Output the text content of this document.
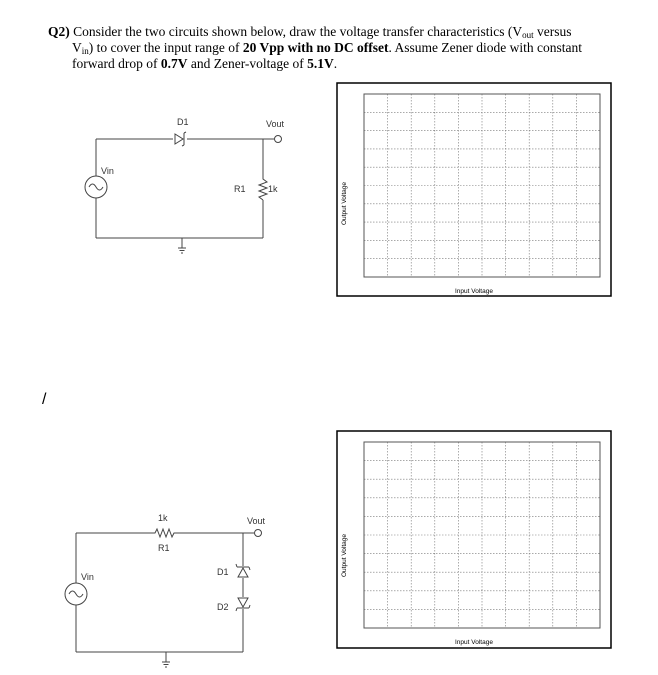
Q2) Consider the two circuits shown below, draw the voltage transfer characteristics ($V_{out}$ versus
$V_{in}$) to cover the input range of 20 Vpp with no DC offset. Assume Zener diode with constant
forward drop of 0.7V and Zener-voltage of 5.1V.
D1	Vout
Vin
R1 1k
1k
R1
Vout
Vin	D1
D2
Input Voltage
Output Voltage
Input Voltage
Output Voltage
/
